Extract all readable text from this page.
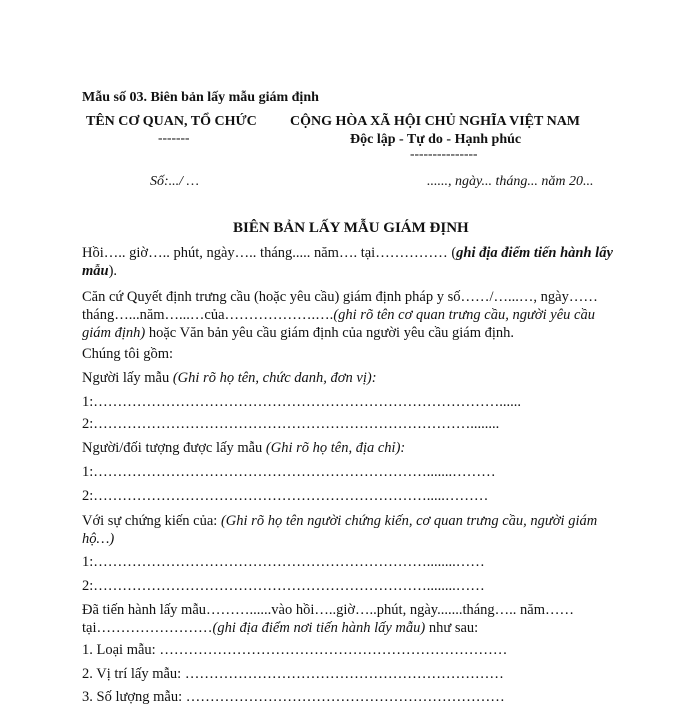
Mẫu số 03. Biên bản lấy mẫu giám định
TÊN CƠ QUAN, TỔ CHỨC
-------
CỘNG HÒA XÃ HỘI CHỦ NGHĨA VIỆT NAM
Độc lập - Tự do - Hạnh phúc
---------------
Số:.../ …	......, ngày... tháng... năm 20...
BIÊN BẢN LẤY MẪU GIÁM ĐỊNH
Hồi….. giờ….. phút, ngày….. tháng..... năm…. tại…………… (ghi địa điểm tiến hành lấy mẫu).
Căn cứ Quyết định trưng cầu (hoặc yêu cầu) giám định pháp y số……/…...…, ngày…… tháng…...năm…...…của……………….….(ghi rõ tên cơ quan trưng cầu, người yêu cầu giám định) hoặc Văn bản yêu cầu giám định của người yêu cầu giám định.
Chúng tôi gồm:
Người lấy mẫu (Ghi rõ họ tên, chức danh, đơn vị):
1:…………………………………………………………………………......
2:……………………………………………………………………........
Người/đối tượng được lấy mẫu (Ghi rõ họ tên, địa chỉ):
1:…………………………………………………………….......………
2:…………………………………………………………….....………
Với sự chứng kiến của: (Ghi rõ họ tên người chứng kiến, cơ quan trưng cầu, người giám hộ…)
1:……………………………………………………………........……
2:……………………………………………………………........……
Đã tiến hành lấy mẫu………......vào hồi…..giờ…..phút, ngày.......tháng….. năm…… tại……………………(ghi địa điểm nơi tiến hành lấy mẫu) như sau:
1. Loại mẫu: ………………………………………………………………
2. Vị trí lấy mẫu: …………………………………………………………
3. Số lượng mẫu: …………………………………………………………
